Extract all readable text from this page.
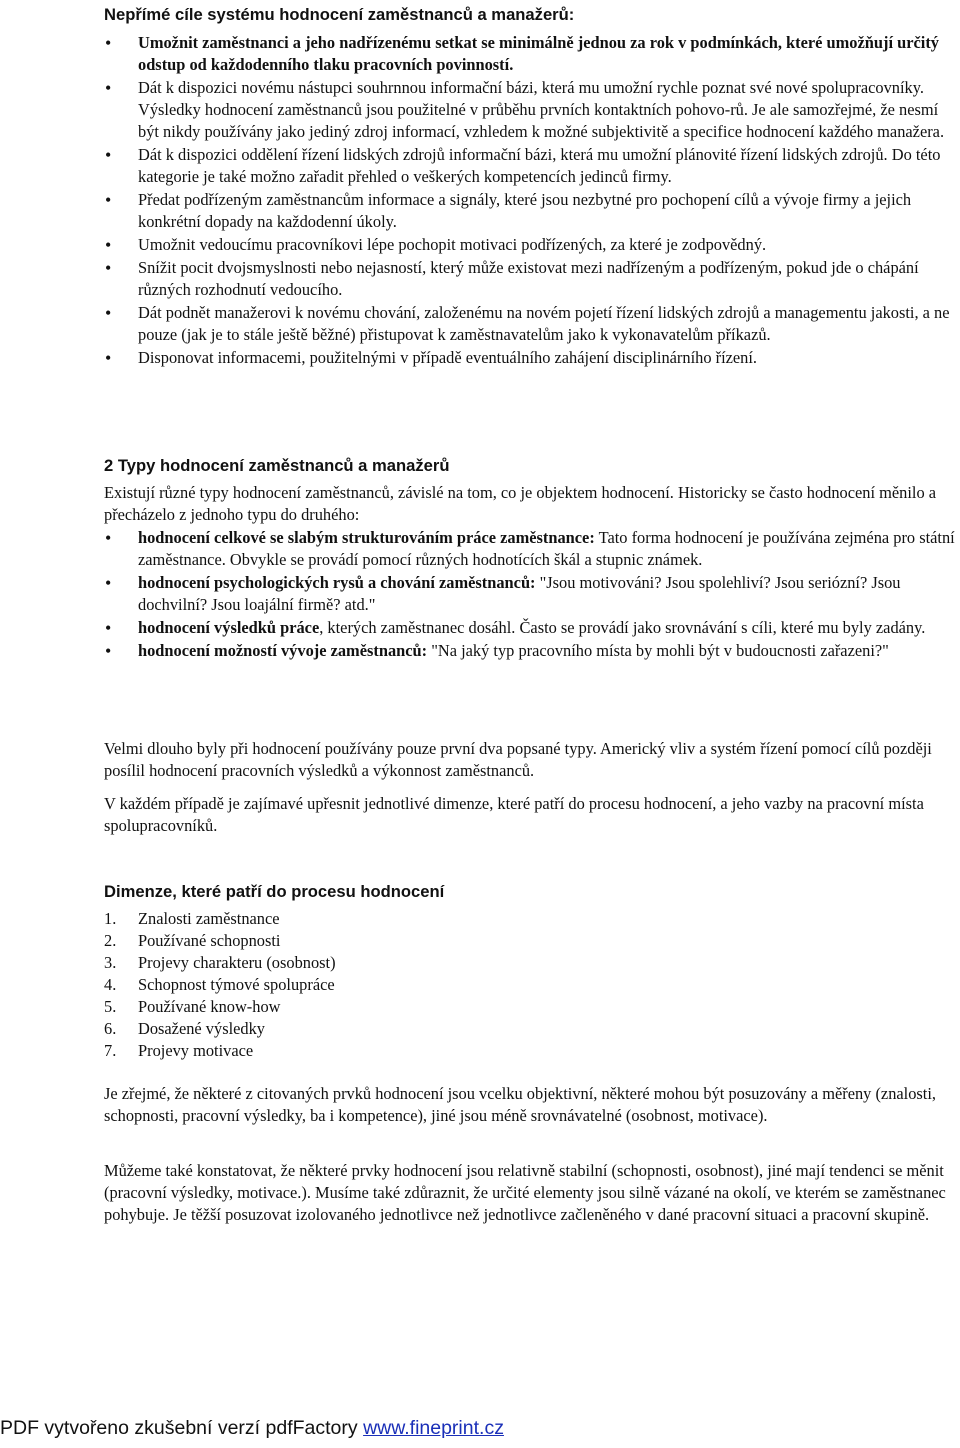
Nepřímé cíle systému hodnocení zaměstnanců a manažerů:
• Umožnit zaměstnanci a jeho nadřízenému setkat se minimálně jednou za rok v podmínkách, které umožňují určitý odstup od každodenního tlaku pracovních povinností.
• Dát k dispozici novému nástupci souhrnnou informační bázi, která mu umožní rychle poznat své nové spolupracovníky. Výsledky hodnocení zaměstnanců jsou použitelné v průběhu prvních kontaktních pohovo-rů. Je ale samozřejmé, že nesmí být nikdy používány jako jediný zdroj informací, vzhledem k možné subjektivitě a specifice hodnocení každého manažera.
• Dát k dispozici oddělení řízení lidských zdrojů informační bázi, která mu umožní plánovité řízení lidských zdrojů. Do této kategorie je také možno zařadit přehled o veškerých kompetencích jedinců firmy.
• Předat podřízeným zaměstnancům informace a signály, které jsou nezbytné pro pochopení cílů a vývoje firmy a jejich konkrétní dopady na každodenní úkoly.
• Umožnit vedoucímu pracovníkovi lépe pochopit motivaci podřízených, za které je zodpovědný.
• Snížit pocit dvojsmyslnosti nebo nejasností, který může existovat mezi nadřízeným a podřízeným, pokud jde o chápání různých rozhodnutí vedoucího.
• Dát podnět manažerovi k novému chování, založenému na novém pojetí řízení lidských zdrojů a managementu jakosti, a ne pouze (jak je to stále ještě běžné) přistupovat k zaměstnavatelům jako k vykonavatelům příkazů.
• Disponovat informacemi, použitelnými v případě eventuálního zahájení disciplinárního řízení.
2 Typy hodnocení zaměstnanců a manažerů

Existují různé typy hodnocení zaměstnanců, závislé na tom, co je objektem hodnocení. Historicky se často hodnocení měnilo a přecházelo z jednoho typu do druhého:

• hodnocení celkové se slabým strukturováním práce zaměstnance: Tato forma hodnocení je používána zejména pro státní zaměstnance. Obvykle se provádí pomocí různých hodnotících škál a stupnic známek.
• hodnocení psychologických rysů a chování zaměstnanců: "Jsou motivováni? Jsou spolehliví? Jsou seriózní? Jsou dochvilní? Jsou loajální firmě? atd."
• hodnocení výsledků práce, kterých zaměstnanec dosáhl. Často se provádí jako srovnávání s cíli, které mu byly zadány.
• hodnocení možností vývoje zaměstnanců: "Na jaký typ pracovního místa by mohli být v budoucnosti zařazeni?"

Velmi dlouho byly při hodnocení používány pouze první dva popsané typy. Americký vliv a systém řízení pomocí cílů později posílil hodnocení pracovních výsledků a výkonnost zaměstnanců.

V každém případě je zajímavé upřesnit jednotlivé dimenze, které patří do procesu hodnocení, a jeho vazby na pracovní místa spolupracovníků.

Dimenze, které patří do procesu hodnocení
1. Znalosti zaměstnance
2. Používané schopnosti
3. Projevy charakteru (osobnost)
4. Schopnost týmové spolupráce
5. Používané know-how
6. Dosažené výsledky
7. Projevy motivace

Je zřejmé, že některé z citovaných prvků hodnocení jsou vcelku objektivní, některé mohou být posuzovány a měřeny (znalosti, schopnosti, pracovní výsledky, ba i kompetence), jiné jsou méně srovnávatelné (osobnost, motivace).

Můžeme také konstatovat, že některé prvky hodnocení jsou relativně stabilní (schopnosti, osobnost), jiné mají tendenci se měnit (pracovní výsledky, motivace.). Musíme také zdůraznit, že určité elementy jsou silně vázané na okolí, ve kterém se zaměstnanec pohybuje. Je těžší posuzovat izolovaného jednotlivce než jednotlivce začleněného v dané pracovní situaci a pracovní skupině.

PDF vytvořeno zkušební verzí pdfFactory www.fineprint.cz
